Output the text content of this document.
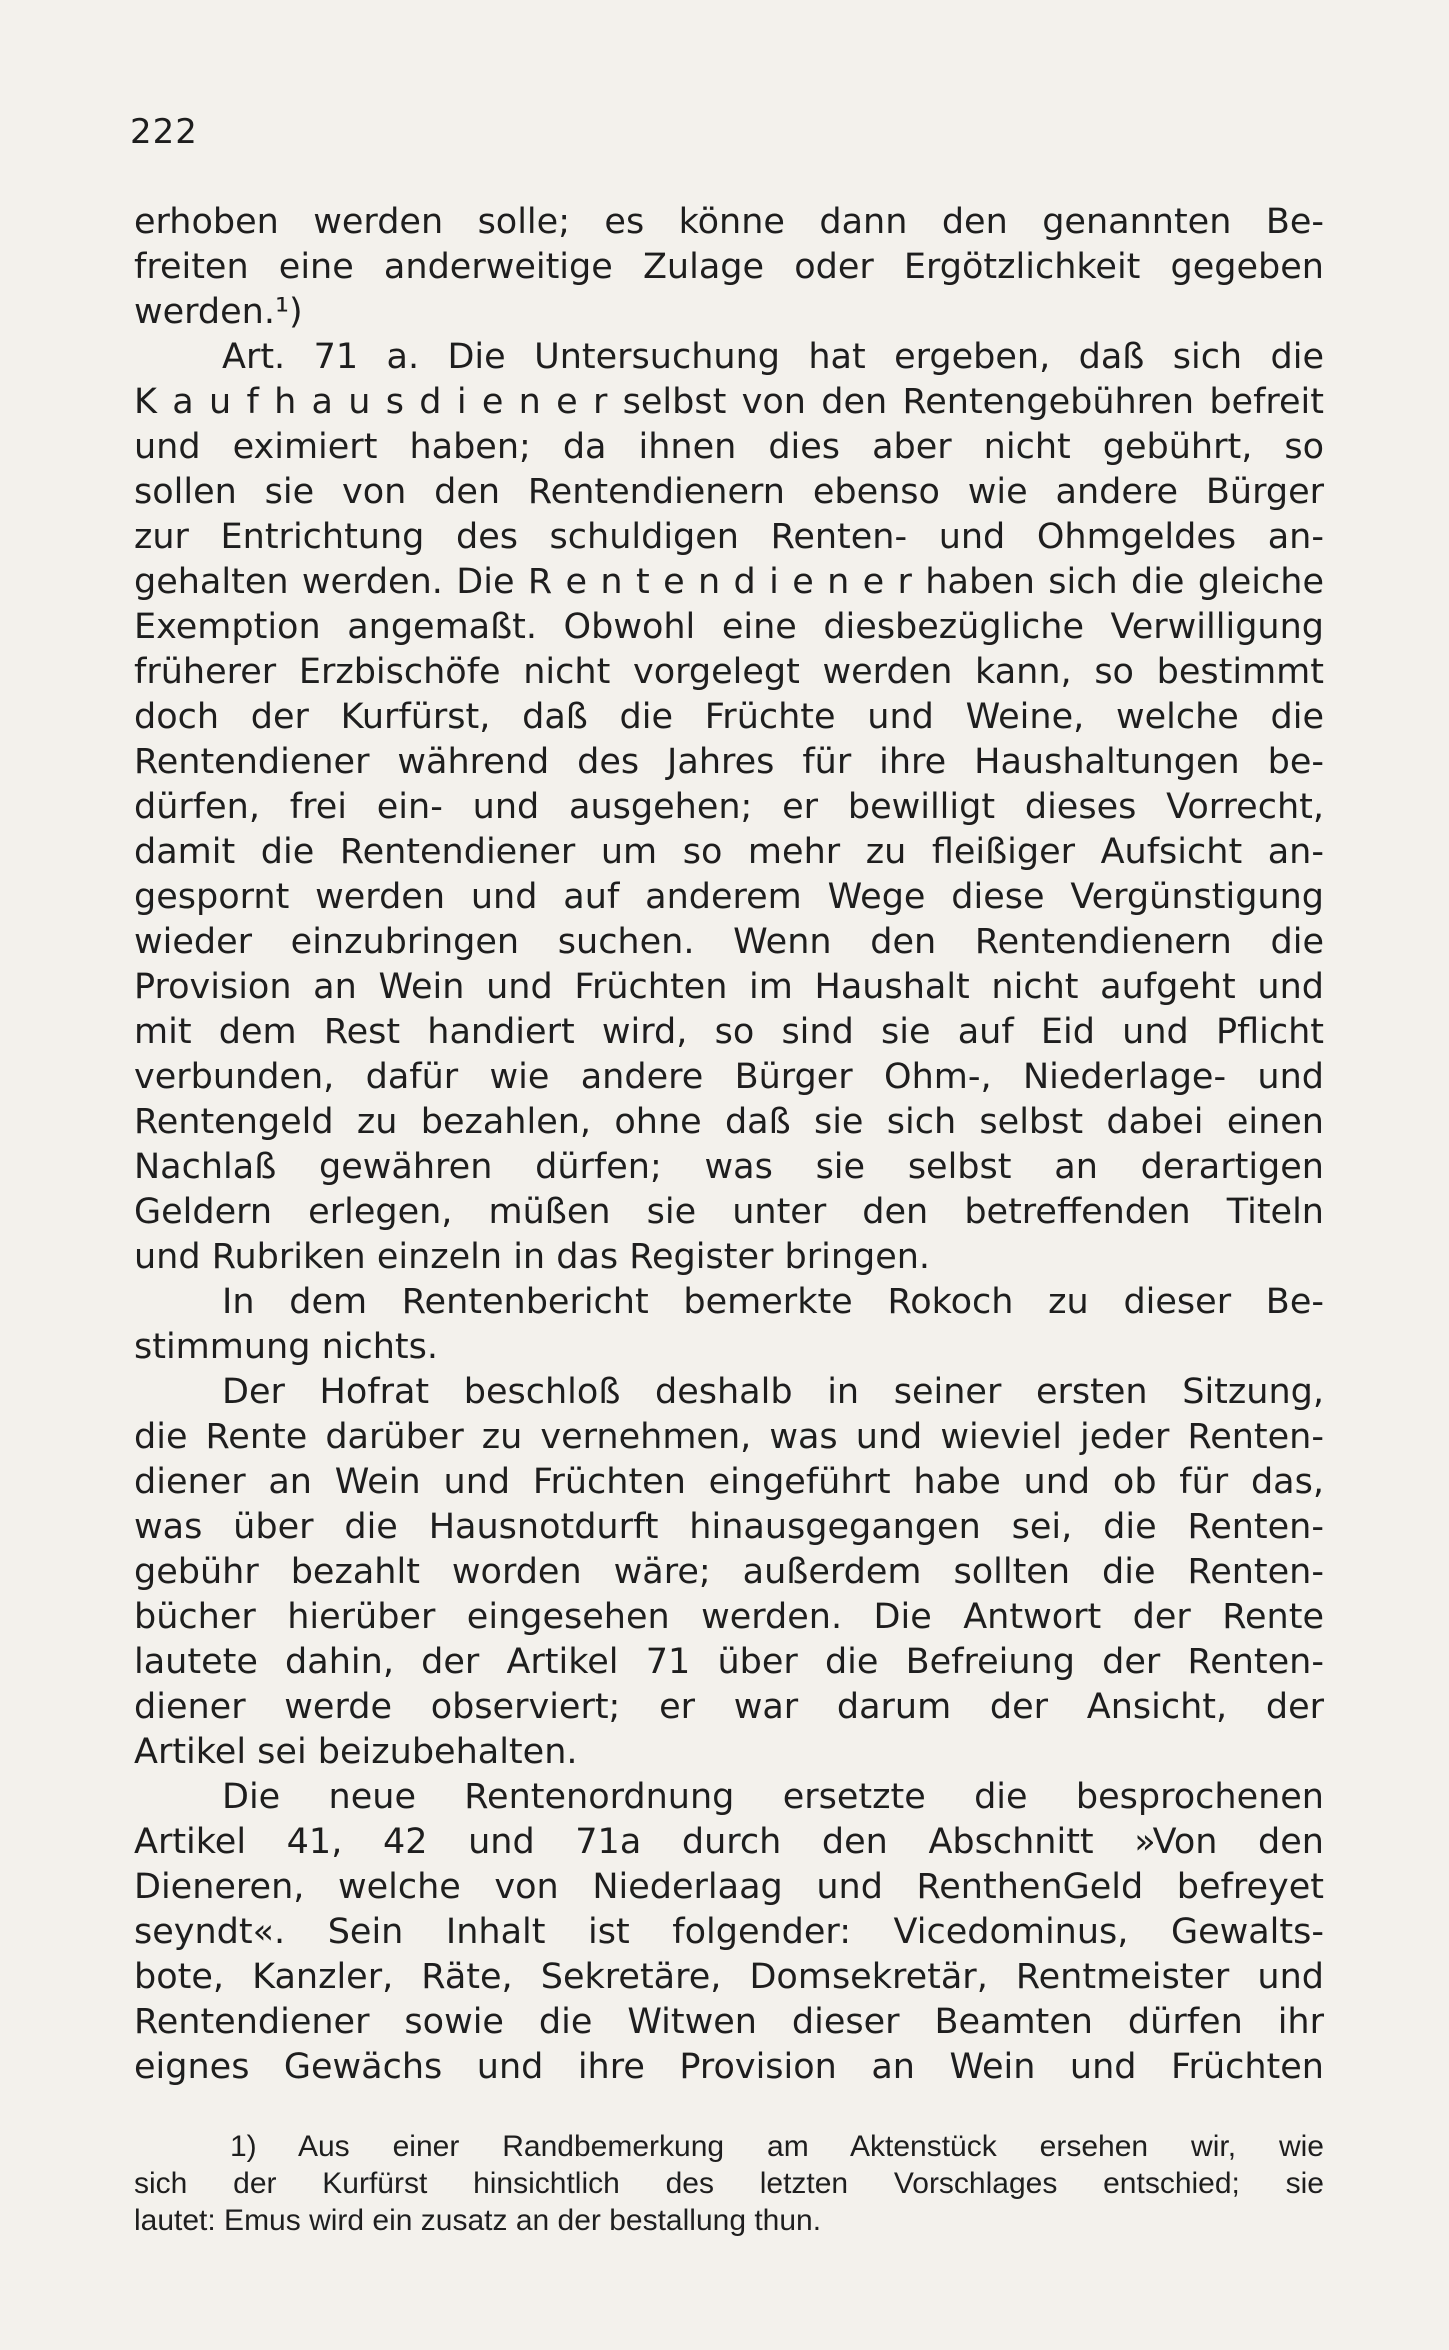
222
erhoben werden solle; es könne dann den genannten Be-
freiten eine anderweitige Zulage oder Ergötzlichkeit gegeben
werden.¹)
Art. 71 a. Die Untersuchung hat ergeben, daß sich die
K a u f h a u s d i e n e r selbst von den Rentengebühren befreit
und eximiert haben; da ihnen dies aber nicht gebührt, so
sollen sie von den Rentendienern ebenso wie andere Bürger
zur Entrichtung des schuldigen Renten- und Ohmgeldes an-
gehalten werden. Die R e n t e n d i e n e r haben sich die gleiche
Exemption angemaßt. Obwohl eine diesbezügliche Verwilligung
früherer Erzbischöfe nicht vorgelegt werden kann, so bestimmt
doch der Kurfürst, daß die Früchte und Weine, welche die
Rentendiener während des Jahres für ihre Haushaltungen be-
dürfen, frei ein- und ausgehen; er bewilligt dieses Vorrecht,
damit die Rentendiener um so mehr zu fleißiger Aufsicht an-
gespornt werden und auf anderem Wege diese Vergünstigung
wieder einzubringen suchen. Wenn den Rentendienern die
Provision an Wein und Früchten im Haushalt nicht aufgeht und
mit dem Rest handiert wird, so sind sie auf Eid und Pflicht
verbunden, dafür wie andere Bürger Ohm-, Niederlage- und
Rentengeld zu bezahlen, ohne daß sie sich selbst dabei einen
Nachlaß gewähren dürfen; was sie selbst an derartigen
Geldern erlegen, müßen sie unter den betreffenden Titeln
und Rubriken einzeln in das Register bringen.
In dem Rentenbericht bemerkte Rokoch zu dieser Be-
stimmung nichts.
Der Hofrat beschloß deshalb in seiner ersten Sitzung,
die Rente darüber zu vernehmen, was und wieviel jeder Renten-
diener an Wein und Früchten eingeführt habe und ob für das,
was über die Hausnotdurft hinausgegangen sei, die Renten-
gebühr bezahlt worden wäre; außerdem sollten die Renten-
bücher hierüber eingesehen werden. Die Antwort der Rente
lautete dahin, der Artikel 71 über die Befreiung der Renten-
diener werde observiert; er war darum der Ansicht, der
Artikel sei beizubehalten.
Die neue Rentenordnung ersetzte die besprochenen
Artikel 41, 42 und 71a durch den Abschnitt »Von den
Dieneren, welche von Niederlaag und RenthenGeld befreyet
seyndt«. Sein Inhalt ist folgender: Vicedominus, Gewalts-
bote, Kanzler, Räte, Sekretäre, Domsekretär, Rentmeister und
Rentendiener sowie die Witwen dieser Beamten dürfen ihr
eignes Gewächs und ihre Provision an Wein und Früchten
1) Aus einer Randbemerkung am Aktenstück ersehen wir, wie
sich der Kurfürst hinsichtlich des letzten Vorschlages entschied; sie
lautet: Emus wird ein zusatz an der bestallung thun.
